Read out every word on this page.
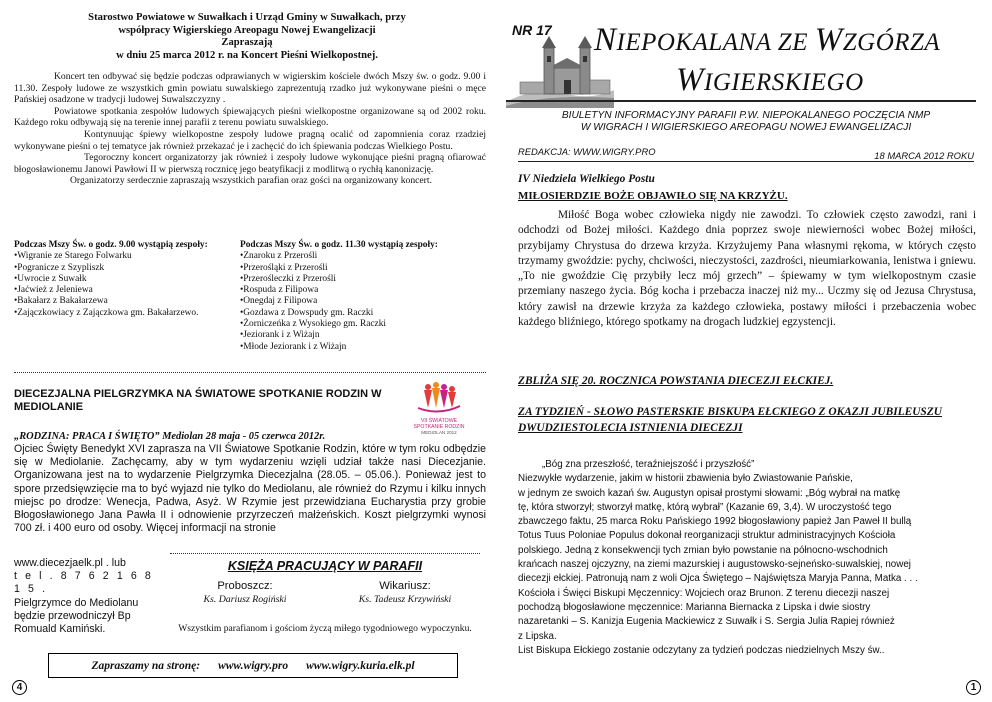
Starostwo Powiatowe w Suwałkach i Urząd Gminy w Suwałkach, przy
współpracy Wigierskiego Areopagu Nowej Ewangelizacji
Zapraszają
w dniu 25 marca 2012 r. na Koncert Pieśni Wielkopostnej.

Koncert ten odbywać się będzie podczas odprawianych w wigierskim kościele dwóch Mszy św. o godz. 9.00 i 11.30. Zespoły ludowe ze wszystkich gmin powiatu suwalskiego zaprezentują rzadko już wykonywane pieśni o męce Pańskiej osadzone w tradycji ludowej Suwalszczyzny .

Powiatowe spotkania zespołów ludowych śpiewających pieśni wielkopostne organizowane są od 2002 roku. Każdego roku odbywają się na terenie innej parafii z terenu powiatu suwalskiego.

Kontynuując śpiewy wielkopostne zespoły ludowe pragną ocalić od zapomnienia coraz rzadziej wykonywane pieśni o tej tematyce jak również przekazać je i zachęcić do ich śpiewania podczas Wielkiego Postu.

Tegoroczny koncert organizatorzy jak również i zespoły ludowe wykonujące pieśni pragną ofiarować błogosławionemu Janowi Pawłowi II w pierwszą rocznicę jego beatyfikacji z modlitwą o rychłą kanonizację.

Organizatorzy serdecznie zapraszają wszystkich parafian oraz gości na organizowany koncert.

Podczas Mszy Św. o godz. 9.00 wystąpią zespoły:
•Wigranie ze Starego Folwarku
•Pogranicze z Szypliszk
•Uwrocie z Suwałk
•Jaćwież z Jeleniewa
•Bakałarz z Bakałarzewa
•Zajączkowiacy z Zajączkowa gm. Bakałarzewo.
Podczas Mszy Św. o godz. 11.30 wystąpią zespoły:
•Znaroku z Przerośli
•Przerośląki z Przerośli
•Przerośleczki z Przerośli
•Rospuda z Filipowa
•Onegdaj z Filipowa
•Gozdawa z Dowspudy gm. Raczki
•Żorniczeńka z Wysokiego gm. Raczki
•Jeziorank i z Wiżajn
•Młode Jeziorank i z Wiżajn
DIECEZJALNA PIELGRZYMKA NA ŚWIATOWE SPOTKANIE RODZIN W MEDIOLANIE
VII ŚWIATOWE
SPOTKANIE RODZIN
MEDIOLAN 2012
„RODZINA: PRACA I ŚWIĘTO” Mediolan 28 maja - 05 czerwca 2012r.
Ojciec Święty Benedykt XVI zaprasza na VII Światowe Spotkanie Rodzin, które w tym roku odbędzie się w Mediolanie. Zachęcamy, aby w tym wydarzeniu wzięli udział także nasi Diecezjanie. Organizowana jest na to wydarzenie Pielgrzymka Diecezjalna (28.05. – 05.06.). Ponieważ jest to spore przedsięwzięcie ma to być wyjazd nie tylko do Mediolanu, ale również do Rzymu i kilku innych miejsc po drodze: Wenecja, Padwa, Asyż. W Rzymie jest przewidziana Eucharystia przy grobie Błogosławionego Jana Pawła II i odnowienie przyrzeczeń małżeńskich. Koszt pielgrzymki wynosi 700 zł. i 400 euro od osoby. Więcej informacji na stronie
www.diecezjaelk.pl . lub
t e l . 8 7 6 2 1 6 8 1 5 .
Pielgrzymce do Mediolanu
będzie przewodniczył Bp
Romuald Kamiński.
KSIĘŻA PRACUJĄCY W PARAFII
Proboszcz:
Ks. Dariusz Rogiński
Wikariusz:
Ks. Tadeusz Krzywiński
Wszystkim parafianom i gościom życzą miłego tygodniowego wypoczynku.
Zapraszamy na stronę: www.wigry.pro www.wigry.kuria.elk.pl
4
NR 17 NIEPOKALANA ZE WZGÓRZA
WIGIERSKIEGO
BIULETYN INFORMACYJNY PARAFII P.W. NIEPOKALANEGO POCZĘCIA NMP
W WIGRACH I WIGIERSKIEGO AREOPAGU NOWEJ EWANGELIZACJI
REDAKCJA: WWW.WIGRY.PRO	18 MARCA 2012 ROKU
IV Niedziela Wielkiego Postu
MIŁOSIERDZIE BOŻE OBJAWIŁO SIĘ NA KRZYŻU.
Miłość Boga wobec człowieka nigdy nie zawodzi. To człowiek często zawodzi, rani i odchodzi od Bożej miłości. Każdego dnia poprzez swoje niewierności wobec Bożej miłości, przybijamy Chrystusa do drzewa krzyża. Krzyżujemy Pana własnymi rękoma, w których często trzymamy gwoździe: pychy, chciwości, nieczystości, zazdrości, nieumiarkowania, lenistwa i gniewu. „To nie gwoździe Cię przybiły lecz mój grzech” – śpiewamy w tym wielkopostnym czasie przemiany naszego życia. Bóg kocha i przebacza inaczej niż my... Uczmy się od Jezusa Chrystusa, który zawisł na drzewie krzyża za każdego człowieka, postawy miłości i przebaczenia wobec każdego bliźniego, którego spotkamy na drogach ludzkiej egzystencji.
ZBLIŻA SIĘ 20. ROCZNICA POWSTANIA DIECEZJI EŁCKIEJ.
ZA TYDZIEŃ - SŁOWO PASTERSKIE BISKUPA EŁCKIEGO Z OKAZJI JUBILEUSZU DWUDZIESTOLECIA ISTNIENIA DIECEZJI
„Bóg zna przeszłość, teraźniejszość i przyszłość”
Niezwykłe wydarzenie, jakim w historii zbawienia było Zwiastowanie Pańskie,
w jednym ze swoich kazań św. Augustyn opisał prostymi słowami: „Bóg wybrał na matkę
tę, która stworzył; stworzył matkę, którą wybrał” (Kazanie 69, 3,4). W uroczystość tego
zbawczego faktu, 25 marca Roku Pańskiego 1992 błogosławiony papież Jan Paweł II bullą
Totus Tuus Poloniae Populus dokonał reorganizacji struktur administracyjnych Kościoła
polskiego. Jedną z konsekwencji tych zmian było powstanie na północno-wschodnich
krańcach naszej ojczyzny, na ziemi mazurskiej i augustowsko-sejneńsko-suwalskiej, nowej
diecezji ełckiej. Patronują nam z woli Ojca Świętego – Najświętsza Maryja Panna, Matka . . .
Kościoła i Święci Biskupi Męczennicy: Wojciech oraz Brunon. Z terenu diecezji naszej
pochodzą błogosławione męczennice: Marianna Biernacka z Lipska i dwie siostry
nazaretanki – S. Kanizja Eugenia Mackiewicz z Suwałk i S. Sergia Julia Rapiej również
z Lipska.
List Biskupa Ełckiego zostanie odczytany za tydzień podczas niedzielnych Mszy św..
1
